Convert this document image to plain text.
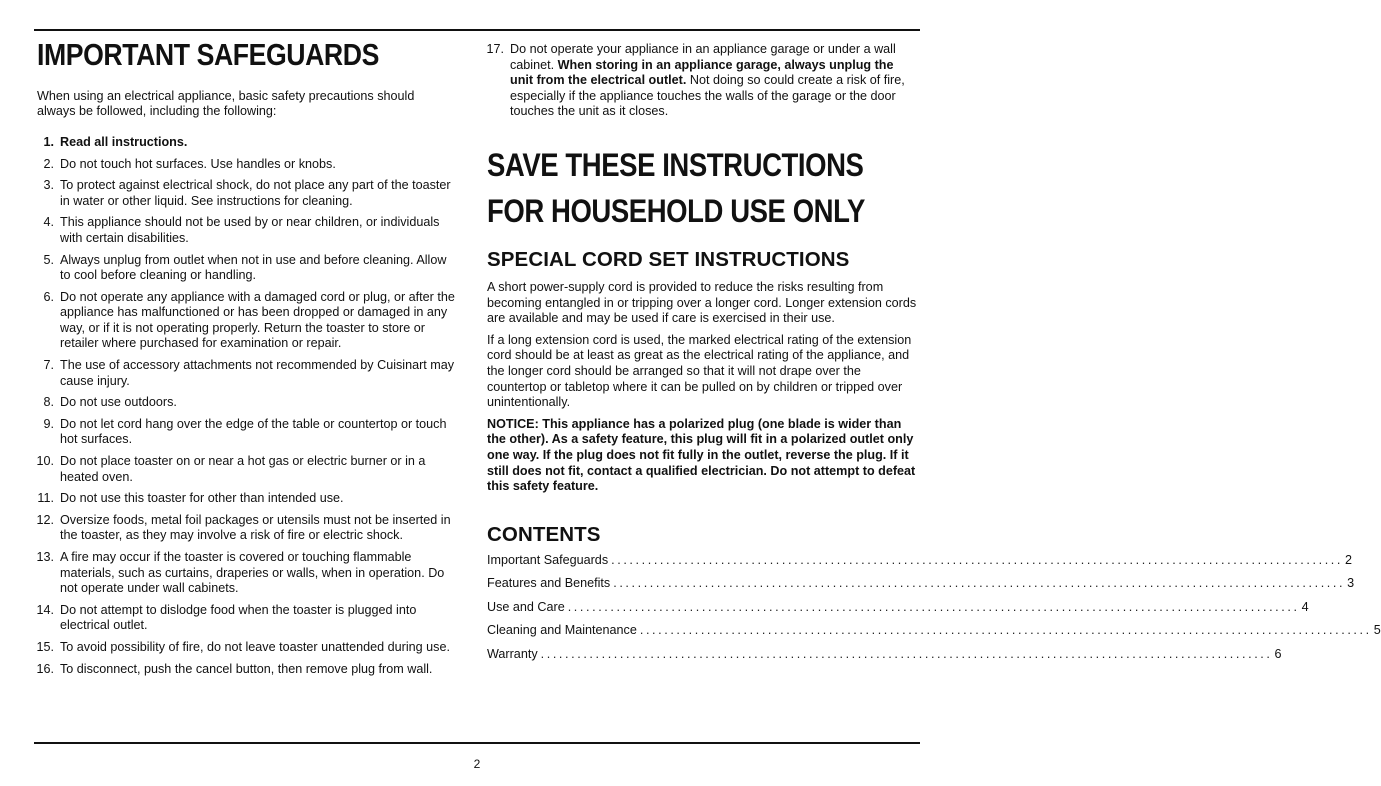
IMPORTANT SAFEGUARDS

When using an electrical appliance, basic safety precautions should always be followed, including the following:

1. Read all instructions.
2. Do not touch hot surfaces. Use handles or knobs.
3. To protect against electrical shock, do not place any part of the toaster in water or other liquid. See instructions for cleaning.
4. This appliance should not be used by or near children, or individuals with certain disabilities.
5. Always unplug from outlet when not in use and before cleaning. Allow to cool before cleaning or handling.
6. Do not operate any appliance with a damaged cord or plug, or after the appliance has malfunctioned or has been dropped or damaged in any way, or if it is not operating properly. Return the toaster to store or retailer where purchased for examination or repair.
7. The use of accessory attachments not recommended by Cuisinart may cause injury.
8. Do not use outdoors.
9. Do not let cord hang over the edge of the table or countertop or touch hot surfaces.
10. Do not place toaster on or near a hot gas or electric burner or in a heated oven.
11. Do not use this toaster for other than intended use.
12. Oversize foods, metal foil packages or utensils must not be inserted in the toaster, as they may involve a risk of fire or electric shock.
13. A fire may occur if the toaster is covered or touching flammable materials, such as curtains, draperies or walls, when in operation. Do not operate under wall cabinets.
14. Do not attempt to dislodge food when the toaster is plugged into electrical outlet.
15. To avoid possibility of fire, do not leave toaster unattended during use.
16. To disconnect, push the cancel button, then remove plug from wall.
17. Do not operate your appliance in an appliance garage or under a wall cabinet. When storing in an appliance garage, always unplug the unit from the electrical outlet. Not doing so could create a risk of fire, especially if the appliance touches the walls of the garage or the door touches the unit as it closes.
SAVE THESE INSTRUCTIONS
FOR HOUSEHOLD USE ONLY
SPECIAL CORD SET INSTRUCTIONS

A short power-supply cord is provided to reduce the risks resulting from becoming entangled in or tripping over a longer cord. Longer extension cords are available and may be used if care is exercised in their use.

If a long extension cord is used, the marked electrical rating of the extension cord should be at least as great as the electrical rating of the appliance, and the longer cord should be arranged so that it will not drape over the countertop or tabletop where it can be pulled on by children or tripped over unintentionally.

NOTICE: This appliance has a polarized plug (one blade is wider than the other). As a safety feature, this plug will fit in a polarized outlet only one way. If the plug does not fit fully in the outlet, reverse the plug. If it still does not fit, contact a qualified electrician. Do not attempt to defeat this safety feature.

CONTENTS
Important Safeguards ........................................................................................................................ 2
Features and Benefits ........................................................................................................................ 3
Use and Care ........................................................................................................................ 4
Cleaning and Maintenance ........................................................................................................................ 5
Warranty ........................................................................................................................ 6
2
